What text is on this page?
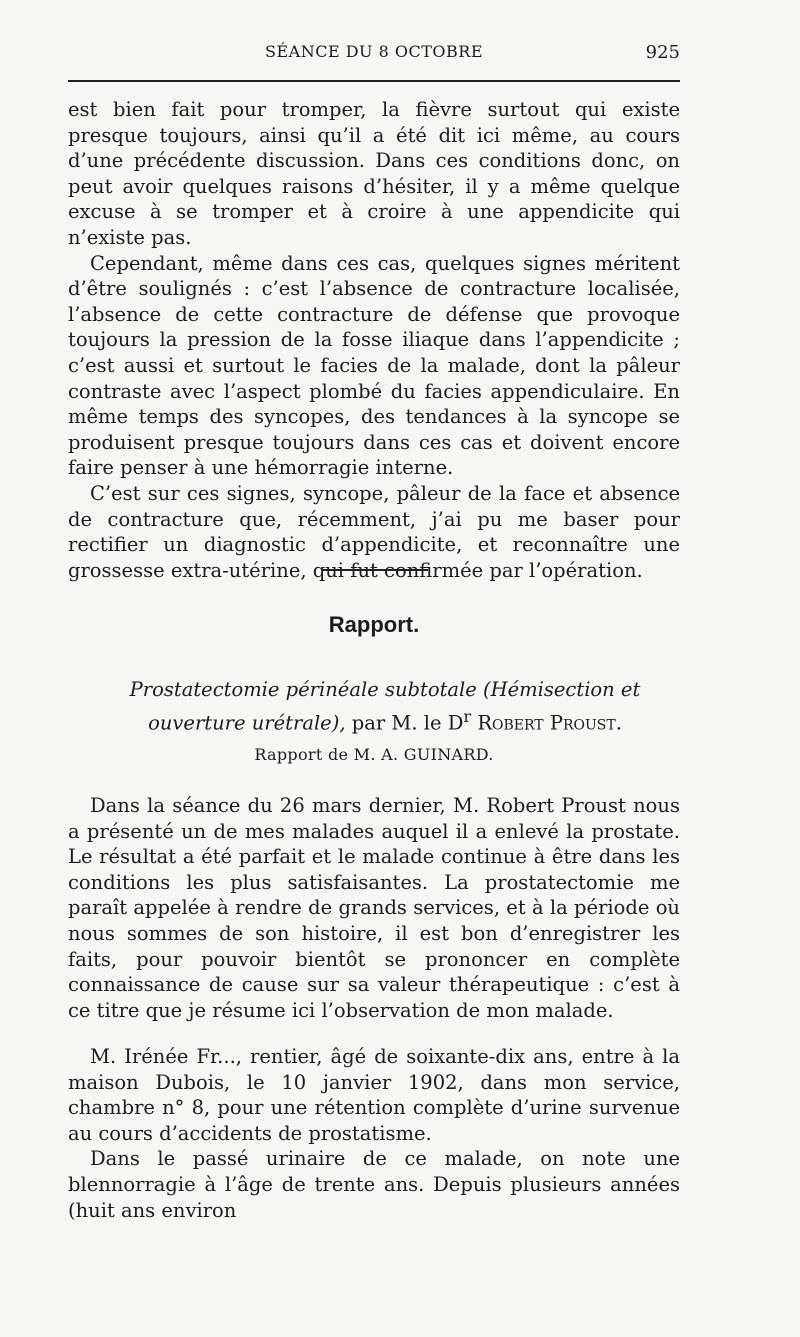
SÉANCE DU 8 OCTOBRE	925

est bien fait pour tromper, la fièvre surtout qui existe presque toujours, ainsi qu’il a été dit ici même, au cours d’une précédente discussion. Dans ces conditions donc, on peut avoir quelques raisons d’hésiter, il y a même quelque excuse à se tromper et à croire à une appendicite qui n’existe pas.

Cependant, même dans ces cas, quelques signes méritent d’être soulignés : c’est l’absence de contracture localisée, l’absence de cette contracture de défense que provoque toujours la pression de la fosse iliaque dans l’appendicite ; c’est aussi et surtout le facies de la malade, dont la pâleur contraste avec l’aspect plombé du facies appendiculaire. En même temps des syncopes, des tendances à la syncope se produisent presque toujours dans ces cas et doivent encore faire penser à une hémorragie interne.

C’est sur ces signes, syncope, pâleur de la face et absence de contracture que, récemment, j’ai pu me baser pour rectifier un diagnostic d’appendicite, et reconnaître une grossesse extra-utérine, qui fut confirmée par l’opération.

Rapport.
Prostatectomie périnéale subtotale (Hémisection et ouverture urétrale), par M. le $D^r$ Robert Proust.
Rapport de M. A. GUINARD.

Dans la séance du 26 mars dernier, M. Robert Proust nous a présenté un de mes malades auquel il a enlevé la prostate. Le résultat a été parfait et le malade continue à être dans les conditions les plus satisfaisantes. La prostatectomie me paraît appelée à rendre de grands services, et à la période où nous sommes de son histoire, il est bon d’enregistrer les faits, pour pouvoir bientôt se prononcer en complète connaissance de cause sur sa valeur thérapeutique : c’est à ce titre que je résume ici l’observation de mon malade.

M. Irénée Fr..., rentier, âgé de soixante-dix ans, entre à la maison Dubois, le 10 janvier 1902, dans mon service, chambre n° 8, pour une rétention complète d’urine survenue au cours d’accidents de prostatisme.

Dans le passé urinaire de ce malade, on note une blennorragie à l’âge de trente ans. Depuis plusieurs années (huit ans environ
